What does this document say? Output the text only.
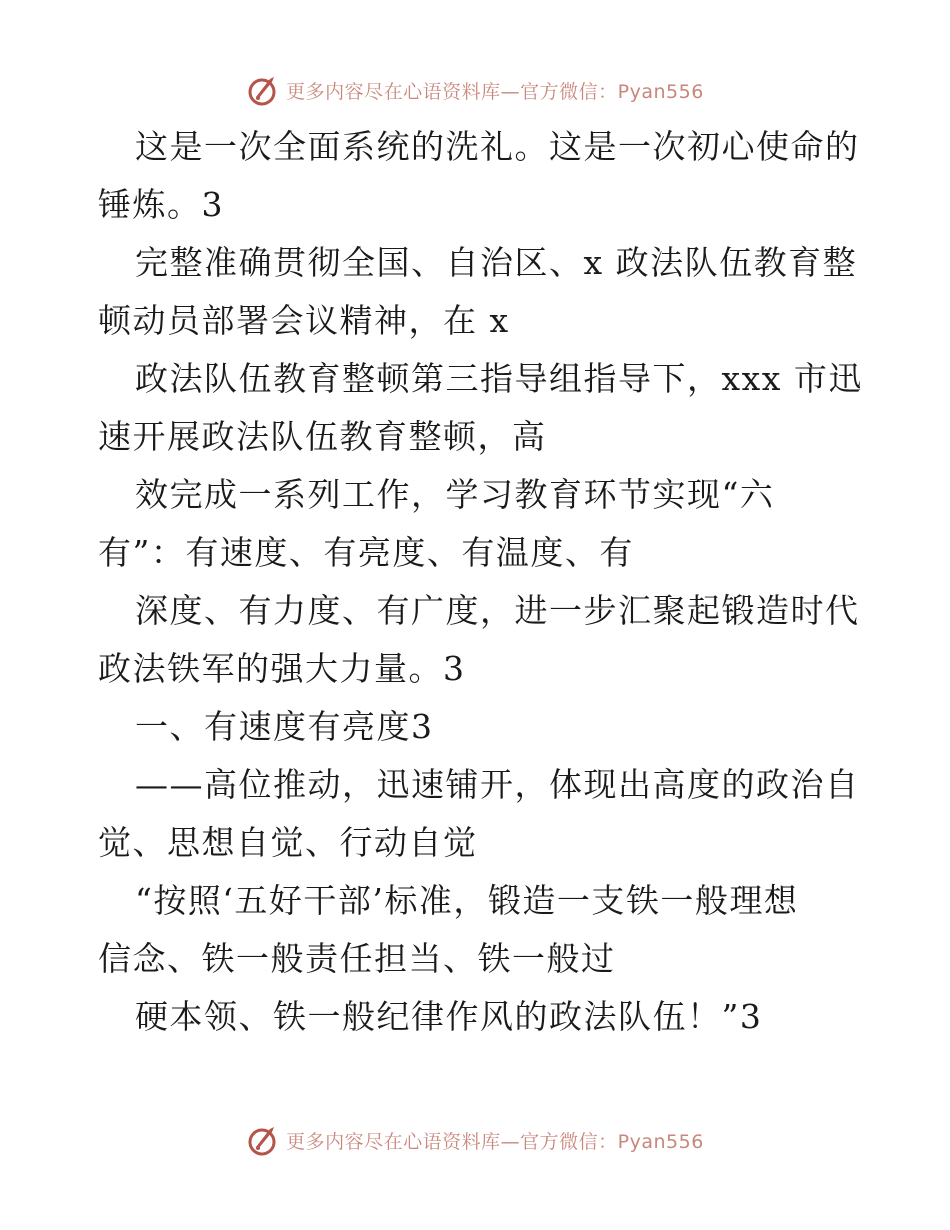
更多内容尽在心语资料库—官方微信：Pyan556
这是一次全面系统的洗礼。这是一次初心使命的
锤炼。3
完整准确贯彻全国、自治区、x 政法队伍教育整
顿动员部署会议精神，在 x
政法队伍教育整顿第三指导组指导下，xxx 市迅
速开展政法队伍教育整顿，高
效完成一系列工作，学习教育环节实现“六
有”：有速度、有亮度、有温度、有
深度、有力度、有广度，进一步汇聚起锻造时代
政法铁军的强大力量。3
一、有速度有亮度3
——高位推动，迅速铺开，体现出高度的政治自
觉、思想自觉、行动自觉
“按照‘五好干部’标准，锻造一支铁一般理想
信念、铁一般责任担当、铁一般过
硬本领、铁一般纪律作风的政法队伍！”3
更多内容尽在心语资料库—官方微信：Pyan556
